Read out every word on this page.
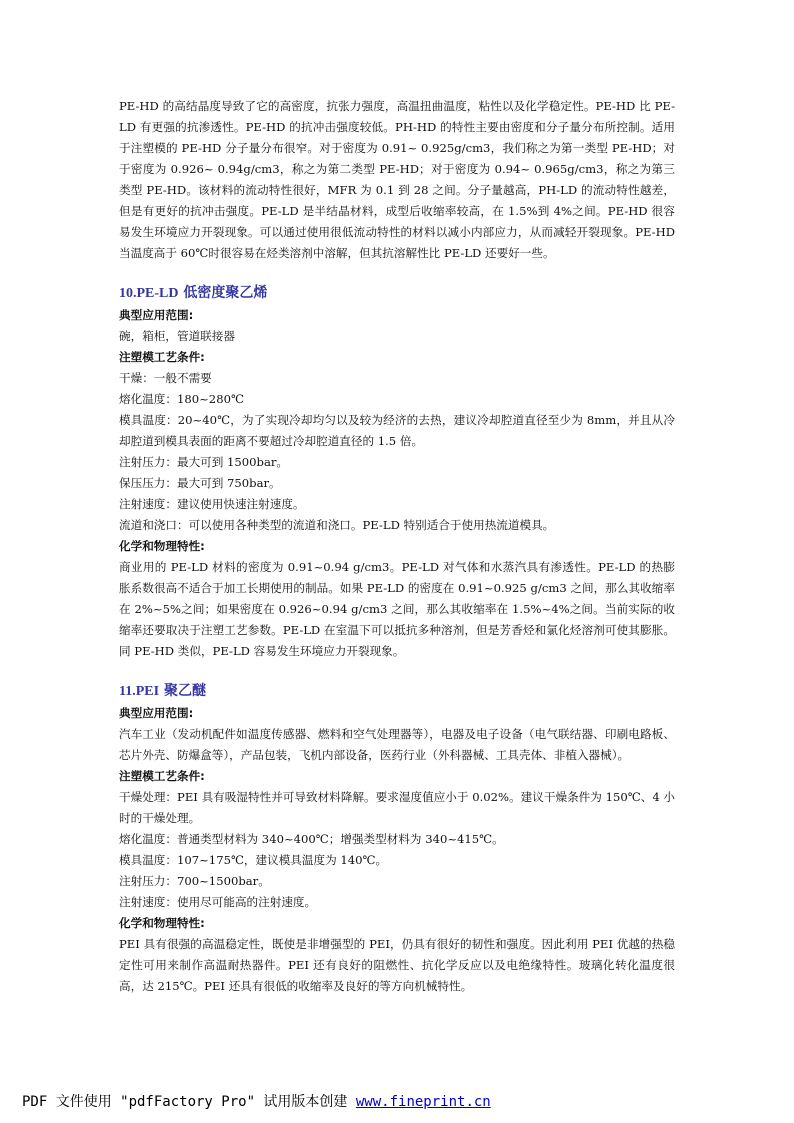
PE-HD 的高结晶度导致了它的高密度，抗张力强度，高温扭曲温度，粘性以及化学稳定性。PE-HD 比 PE-LD 有更强的抗渗透性。PE-HD 的抗冲击强度较低。PH-HD 的特性主要由密度和分子量分布所控制。适用于注塑模的 PE-HD 分子量分布很窄。对于密度为 0.91~ 0.925g/cm3，我们称之为第一类型 PE-HD；对于密度为 0.926~ 0.94g/cm3，称之为第二类型 PE-HD；对于密度为 0.94~ 0.965g/cm3，称之为第三类型 PE-HD。该材料的流动特性很好，MFR 为 0.1 到 28 之间。分子量越高，PH-LD 的流动特性越差，但是有更好的抗冲击强度。PE-LD 是半结晶材料，成型后收缩率较高，在 1.5%到 4%之间。PE-HD 很容易发生环境应力开裂现象。可以通过使用很低流动特性的材料以减小内部应力，从而减轻开裂现象。PE-HD 当温度高于 60℃时很容易在烃类溶剂中溶解，但其抗溶解性比 PE-LD 还要好一些。

10.PE-LD 低密度聚乙烯
典型应用范围:

碗，箱柜，管道联接器

注塑模工艺条件:

干燥：一般不需要

熔化温度：180~280℃

模具温度：20~40℃，为了实现冷却均匀以及较为经济的去热，建议冷却腔道直径至少为 8mm，并且从冷却腔道到模具表面的距离不要超过冷却腔道直径的 1.5 倍。

注射压力：最大可到 1500bar。

保压压力：最大可到 750bar。

注射速度：建议使用快速注射速度。

流道和浇口：可以使用各种类型的流道和浇口。PE-LD 特别适合于使用热流道模具。

化学和物理特性:

商业用的 PE-LD 材料的密度为 0.91~0.94 g/cm3。PE-LD 对气体和水蒸汽具有渗透性。PE-LD 的热膨胀系数很高不适合于加工长期使用的制品。如果 PE-LD 的密度在 0.91~0.925 g/cm3 之间，那么其收缩率在 2%~5%之间；如果密度在 0.926~0.94 g/cm3 之间，那么其收缩率在 1.5%~4%之间。当前实际的收缩率还要取决于注塑工艺参数。PE-LD 在室温下可以抵抗多种溶剂，但是芳香烃和氯化烃溶剂可使其膨胀。同 PE-HD 类似，PE-LD 容易发生环境应力开裂现象。

11.PEI 聚乙醚
典型应用范围:

汽车工业（发动机配件如温度传感器、燃料和空气处理器等），电器及电子设备（电气联结器、印刷电路板、芯片外壳、防爆盒等），产品包装，飞机内部设备，医药行业（外科器械、工具壳体、非植入器械）。

注塑模工艺条件:

干燥处理：PEI 具有吸湿特性并可导致材料降解。要求湿度值应小于 0.02%。建议干燥条件为 150℃、4 小时的干燥处理。

熔化温度：普通类型材料为 340~400℃；增强类型材料为 340~415℃。

模具温度：107~175℃，建议模具温度为 140℃。

注射压力：700~1500bar。

注射速度：使用尽可能高的注射速度。

化学和物理特性:

PEI 具有很强的高温稳定性，既使是非增强型的 PEI，仍具有很好的韧性和强度。因此利用 PEI 优越的热稳定性可用来制作高温耐热器件。PEI 还有良好的阻燃性、抗化学反应以及电绝缘特性。玻璃化转化温度很高，达 215℃。PEI 还具有很低的收缩率及良好的等方向机械特性。

PDF 文件使用 "pdfFactory Pro" 试用版本创建 www.fineprint.cn
